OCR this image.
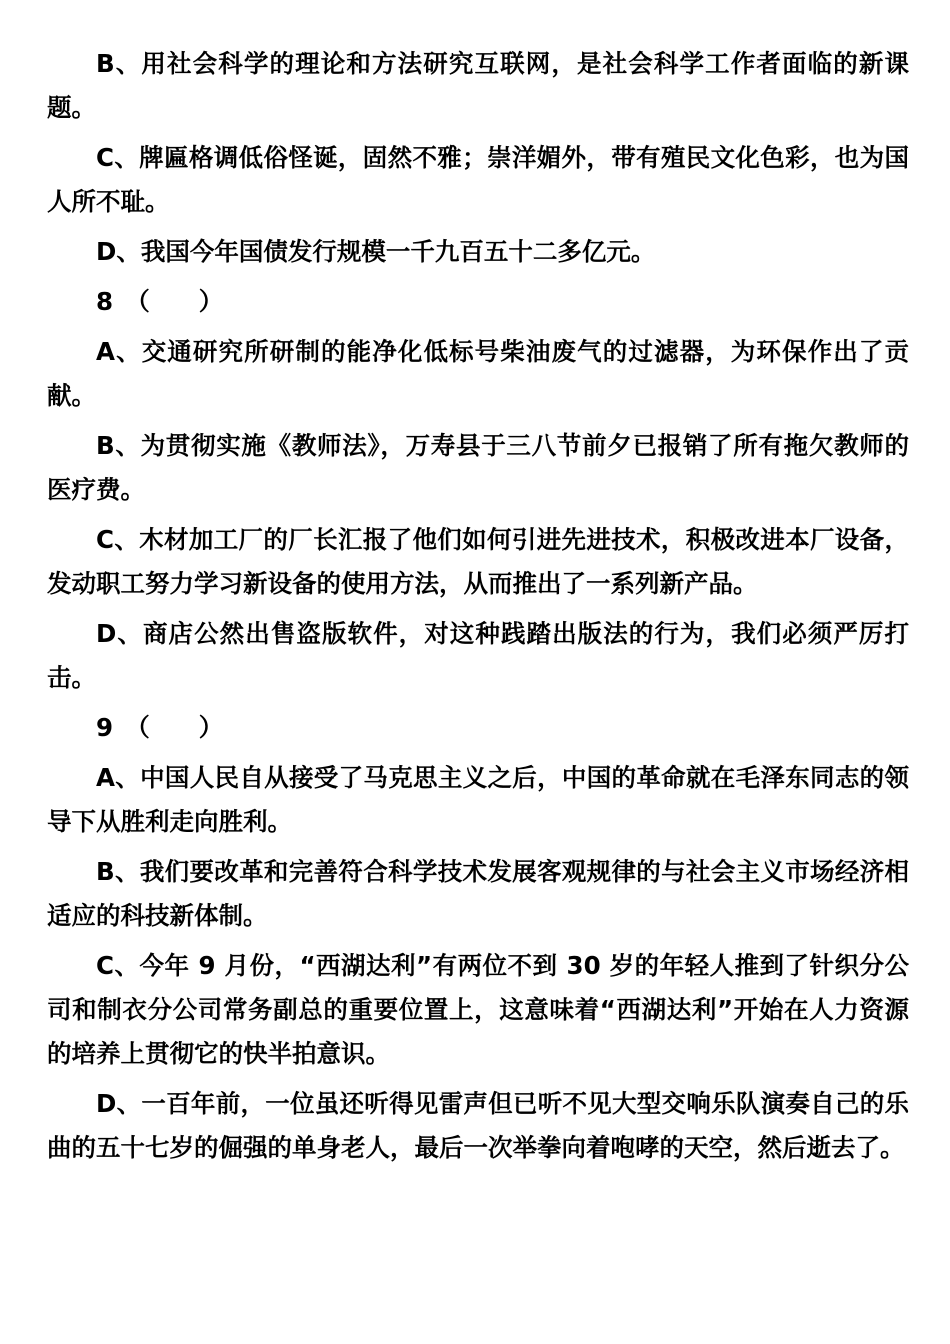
B、用社会科学的理论和方法研究互联网，是社会科学工作者面临的新课题。

C、牌匾格调低俗怪诞，固然不雅；崇洋媚外，带有殖民文化色彩，也为国人所不耻。

D、我国今年国债发行规模一千九百五十二多亿元。

8　（　　）

A、交通研究所研制的能净化低标号柴油废气的过滤器，为环保作出了贡献。

B、为贯彻实施《教师法》，万寿县于三八节前夕已报销了所有拖欠教师的医疗费。

C、木材加工厂的厂长汇报了他们如何引进先进技术，积极改进本厂设备，发动职工努力学习新设备的使用方法，从而推出了一系列新产品。

D、商店公然出售盗版软件，对这种践踏出版法的行为，我们必须严厉打击。

9　（　　）

A、中国人民自从接受了马克思主义之后，中国的革命就在毛泽东同志的领导下从胜利走向胜利。

B、我们要改革和完善符合科学技术发展客观规律的与社会主义市场经济相适应的科技新体制。

C、今年 9 月份，“西湖达利”有两位不到 30 岁的年轻人推到了针织分公司和制衣分公司常务副总的重要位置上，这意味着“西湖达利”开始在人力资源的培养上贯彻它的快半拍意识。

D、一百年前，一位虽还听得见雷声但已听不见大型交响乐队演奏自己的乐曲的五十七岁的倔强的单身老人，最后一次举拳向着咆哮的天空，然后逝去了。
